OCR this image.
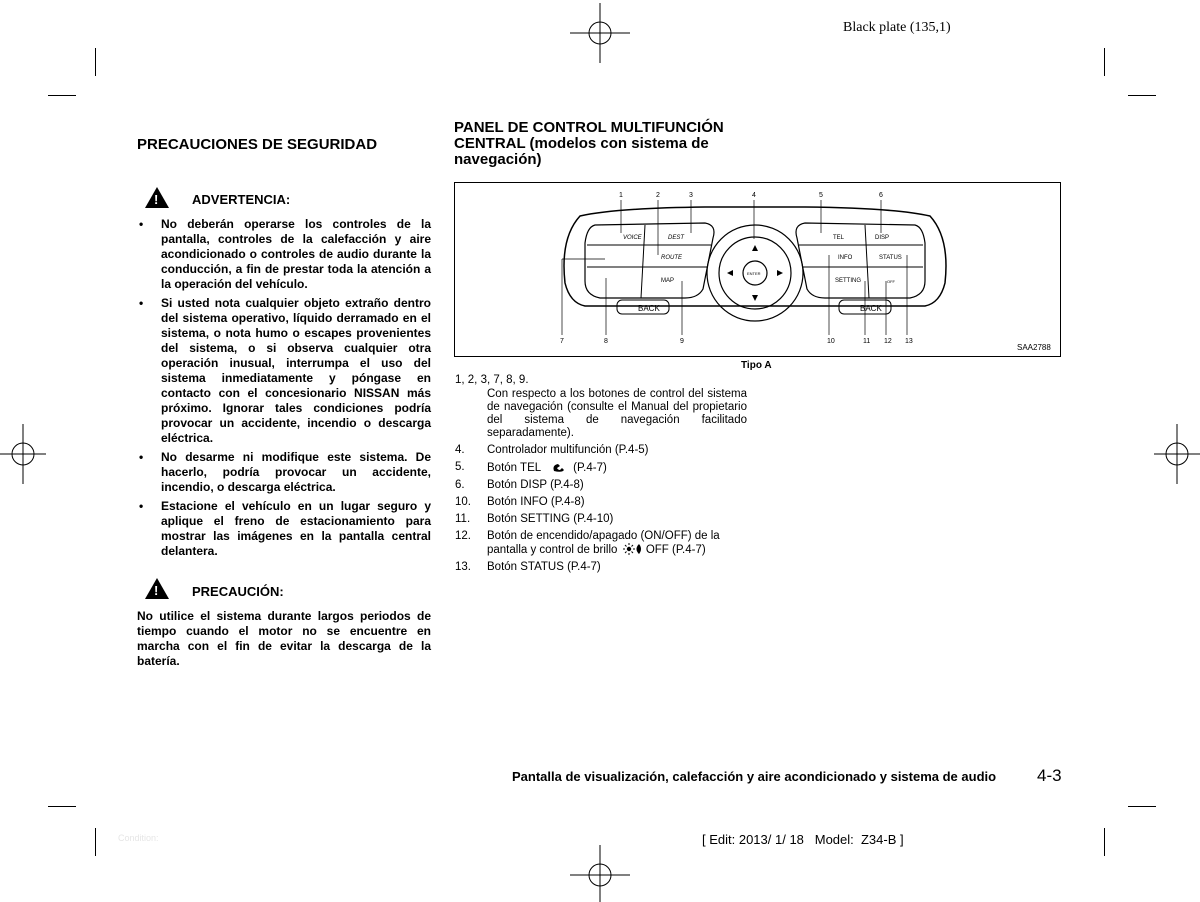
Black plate (135,1)
PRECAUCIONES DE SEGURIDAD
!	ADVERTENCIA:
• No deberán operarse los controles de la pantalla, controles de la calefacción y aire acondicionado o controles de audio durante la conducción, a fin de prestar toda la atención a la operación del vehículo.
• Si usted nota cualquier objeto extraño dentro del sistema operativo, líquido derramado en el sistema, o nota humo o escapes provenientes del sistema, o si observa cualquier otra operación inusual, interrumpa el uso del sistema inmediatamente y póngase en contacto con el concesionario NISSAN más próximo. Ignorar tales condiciones podría provocar un accidente, incendio o descarga eléctrica.
• No desarme ni modifique este sistema. De hacerlo, podría provocar un accidente, incendio, o descarga eléctrica.
• Estacione el vehículo en un lugar seguro y aplique el freno de estacionamiento para mostrar las imágenes en la pantalla central delantera.
!	PRECAUCIÓN:
No utilice el sistema durante largos periodos de tiempo cuando el motor no se encuentre en marcha con el fin de evitar la descarga de la batería.
PANEL DE CONTROL MULTIFUNCIÓN
CENTRAL (modelos con sistema de
navegación)
VOICE	DEST
ROUTE
MAP
BACK
TEL	DISP
INFO	STATUS
SETTING	OFF
BACK
ENTER
1	2	3	4	5	6
7	8	9	10	11 12 13
SAA2788
Tipo A
1, 2, 3, 7, 8, 9.
Con respecto a los botones de control del sistema de navegación (consulte el Manual del propietario del sistema de navegación facilitado separadamente).
4. Controlador multifunción (P.4-5)
5. Botón TEL	(P.4-7)
6. Botón DISP (P.4-8)
10. Botón INFO (P.4-8)
11. Botón SETTING (P.4-10)
12. Botón de encendido/apagado (ON/OFF) de la pantalla y control de brillo OFF (P.4-7)
13. Botón STATUS (P.4-7)
Pantalla de visualización, calefacción y aire acondicionado y sistema de audio 4-3
Condition:	[ Edit: 2013/ 1/ 18   Model:  Z34-B ]
